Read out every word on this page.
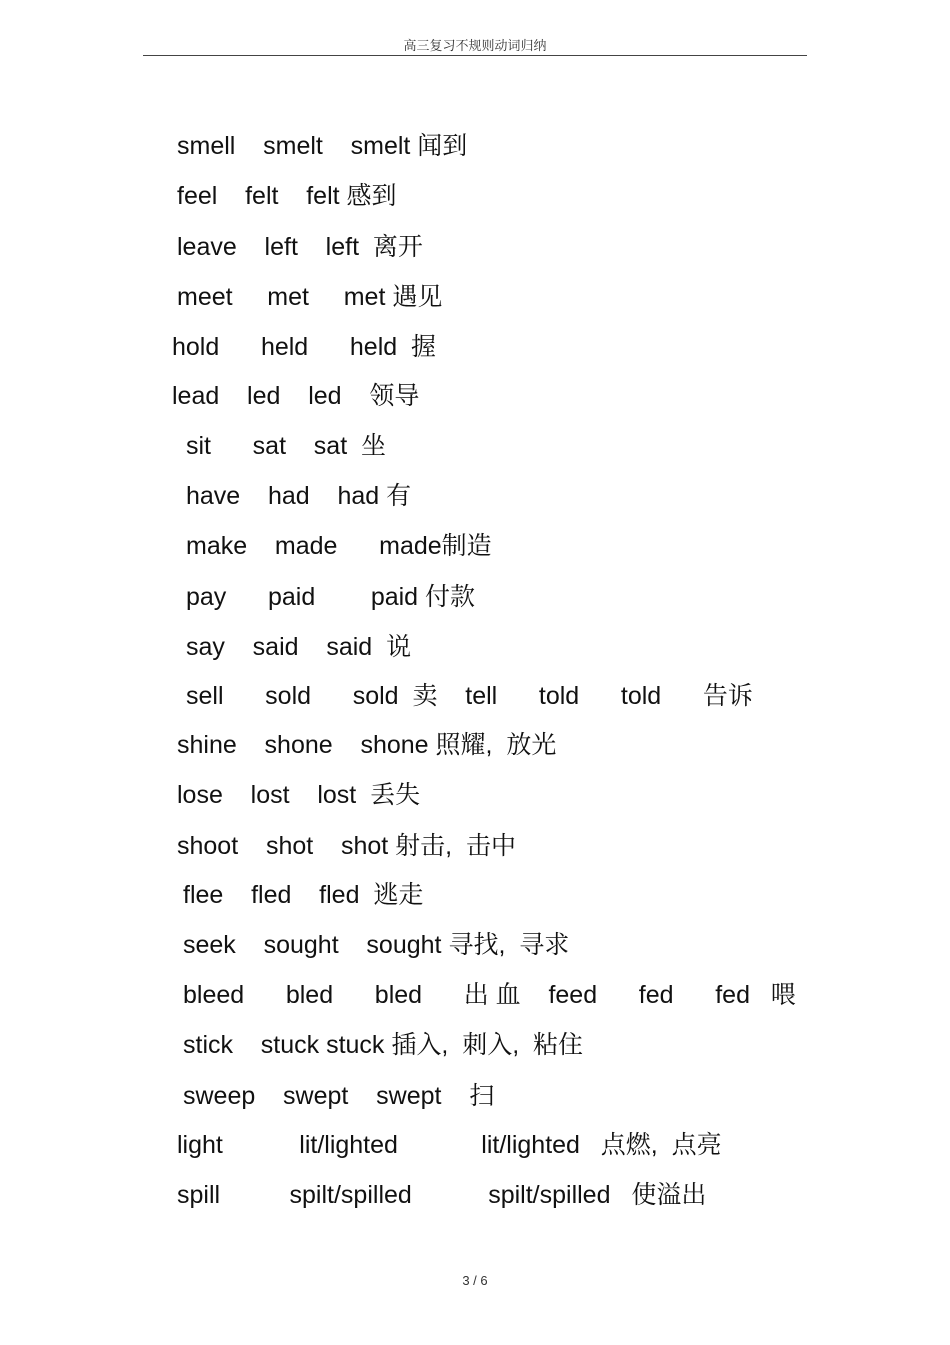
高三复习不规则动词归纳
smell    smelt    smelt 闻到
feel    felt    felt 感到
leave    left    left  离开
meet     met     met 遇见
hold      held      held  握
lead    led    led    领导
sit      sat    sat  坐
have    had    had 有
make    made      made制造
pay      paid        paid 付款
say    said    said  说
sell      sold      sold  卖    tell      told      told      告诉
shine    shone    shone 照耀,  放光
lose    lost    lost  丢失
shoot    shot    shot 射击,  击中
flee    fled    fled  逃走
seek    sought    sought 寻找,  寻求
bleed      bled      bled      出 血    feed      fed      fed   喂
stick    stuck stuck 插入,  刺入,  粘住
sweep    swept    swept    扫
light           lit/lighted            lit/lighted   点燃,  点亮
spill          spilt/spilled           spilt/spilled   使溢出
3 / 6
